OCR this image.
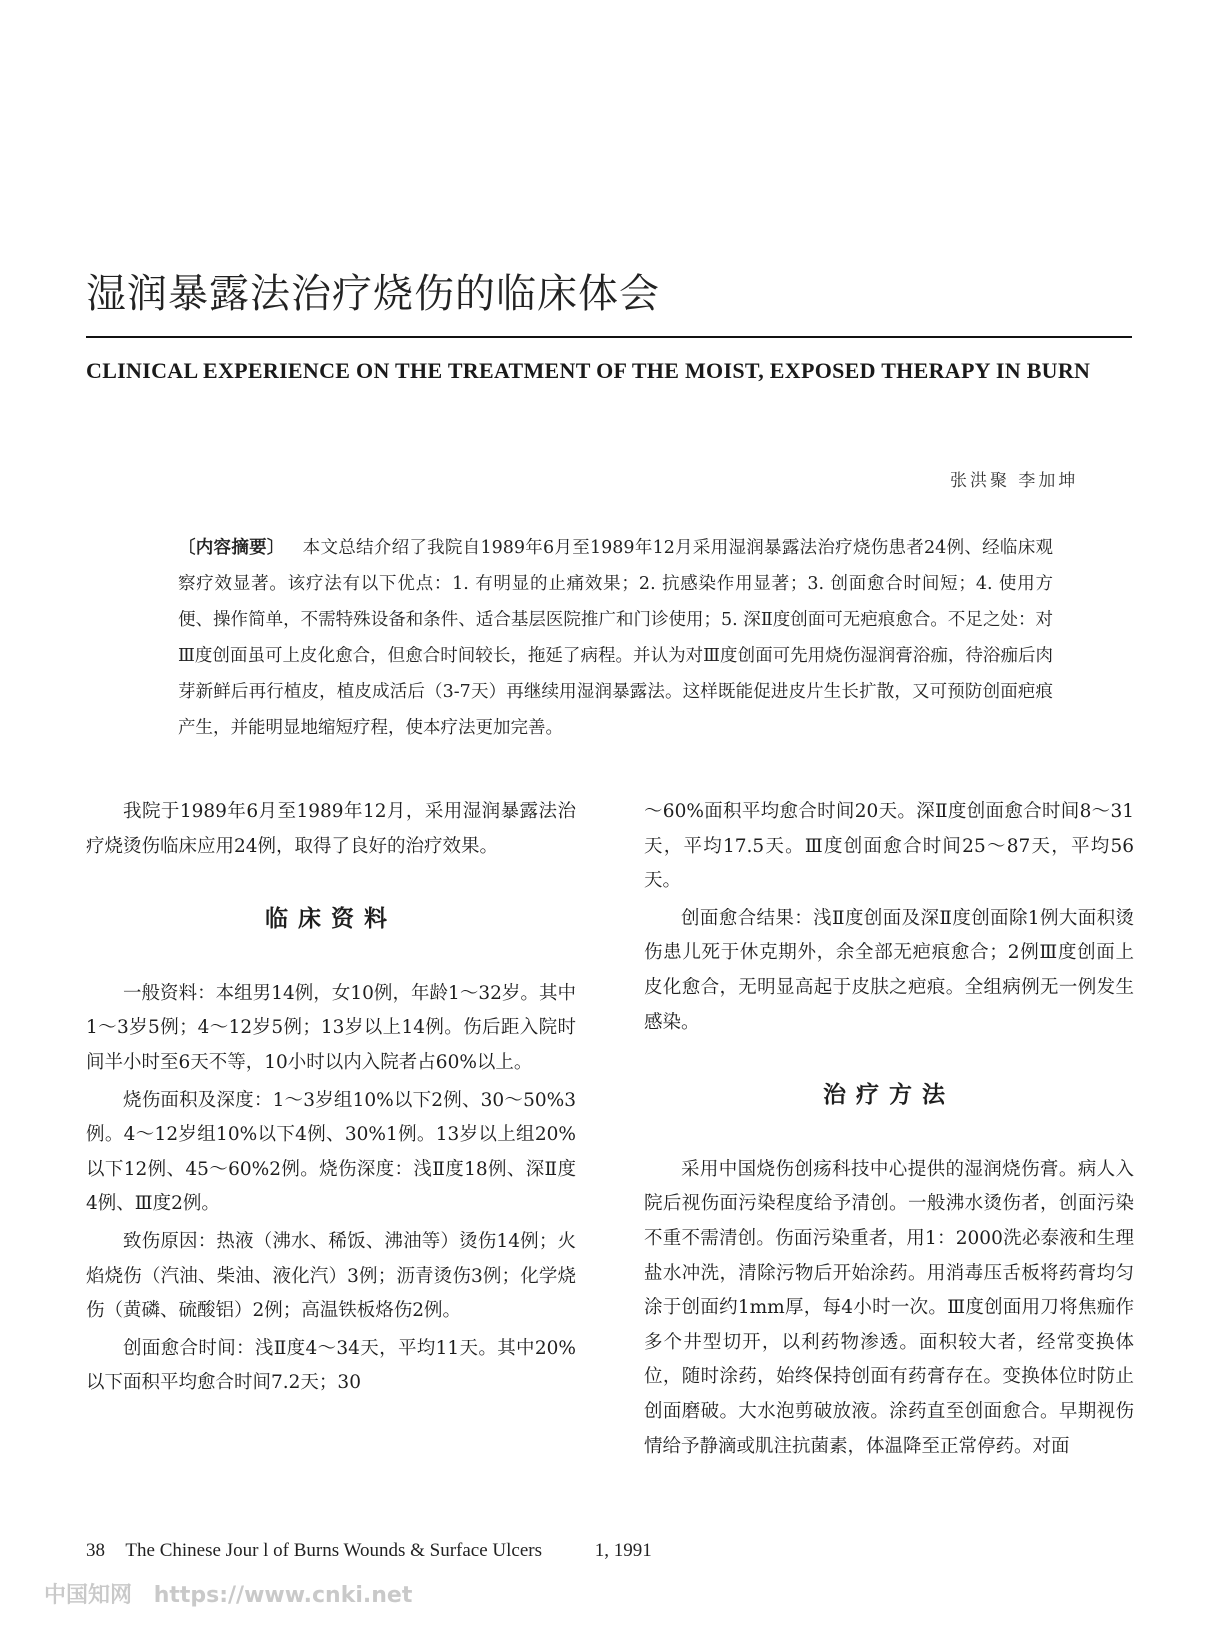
湿润暴露法治疗烧伤的临床体会
CLINICAL EXPERIENCE ON THE TREATMENT OF THE MOIST, EXPOSED THERAPY IN BURN
张洪聚 李加坤
〔内容摘要〕 本文总结介绍了我院自1989年6月至1989年12月采用湿润暴露法治疗烧伤患者24例、经临床观察疗效显著。该疗法有以下优点：1. 有明显的止痛效果；2. 抗感染作用显著；3. 创面愈合时间短；4. 使用方便、操作简单，不需特殊设备和条件、适合基层医院推广和门诊使用；5. 深Ⅱ度创面可无疤痕愈合。不足之处：对Ⅲ度创面虽可上皮化愈合，但愈合时间较长，拖延了病程。并认为对Ⅲ度创面可先用烧伤湿润膏浴痂，待浴痂后肉芽新鲜后再行植皮，植皮成活后（3-7天）再继续用湿润暴露法。这样既能促进皮片生长扩散，又可预防创面疤痕产生，并能明显地缩短疗程，使本疗法更加完善。

我院于1989年6月至1989年12月，采用湿润暴露法治疗烧烫伤临床应用24例，取得了良好的治疗效果。

临床资料

一般资料：本组男14例，女10例，年龄1～32岁。其中1～3岁5例；4～12岁5例；13岁以上14例。伤后距入院时间半小时至6天不等，10小时以内入院者占60%以上。

烧伤面积及深度：1～3岁组10%以下2例、30～50%3例。4～12岁组10%以下4例、30%1例。13岁以上组20%以下12例、45～60%2例。烧伤深度：浅Ⅱ度18例、深Ⅱ度4例、Ⅲ度2例。

致伤原因：热液（沸水、稀饭、沸油等）烫伤14例；火焰烧伤（汽油、柴油、液化汽）3例；沥青烫伤3例；化学烧伤（黄磷、硫酸铝）2例；高温铁板烙伤2例。

创面愈合时间：浅Ⅱ度4～34天，平均11天。其中20%以下面积平均愈合时间7.2天；30

～60%面积平均愈合时间20天。深Ⅱ度创面愈合时间8～31天，平均17.5天。Ⅲ度创面愈合时间25～87天，平均56天。

创面愈合结果：浅Ⅱ度创面及深Ⅱ度创面除1例大面积烫伤患儿死于休克期外，余全部无疤痕愈合；2例Ⅲ度创面上皮化愈合，无明显高起于皮肤之疤痕。全组病例无一例发生感染。

治疗方法

采用中国烧伤创疡科技中心提供的湿润烧伤膏。病人入院后视伤面污染程度给予清创。一般沸水烫伤者，创面污染不重不需清创。伤面污染重者，用1：2000洗必泰液和生理盐水冲洗，清除污物后开始涂药。用消毒压舌板将药膏均匀涂于创面约1mm厚，每4小时一次。Ⅲ度创面用刀将焦痂作多个井型切开，以利药物渗透。面积较大者，经常变换体位，随时涂药，始终保持创面有药膏存在。变换体位时防止创面磨破。大水泡剪破放液。涂药直至创面愈合。早期视伤情给予静滴或肌注抗菌素，体温降至正常停药。对面

38 The Chinese Jour l of Burns Wounds & Surface Ulcers	1, 1991
中国知网 https://www.cnki.net
